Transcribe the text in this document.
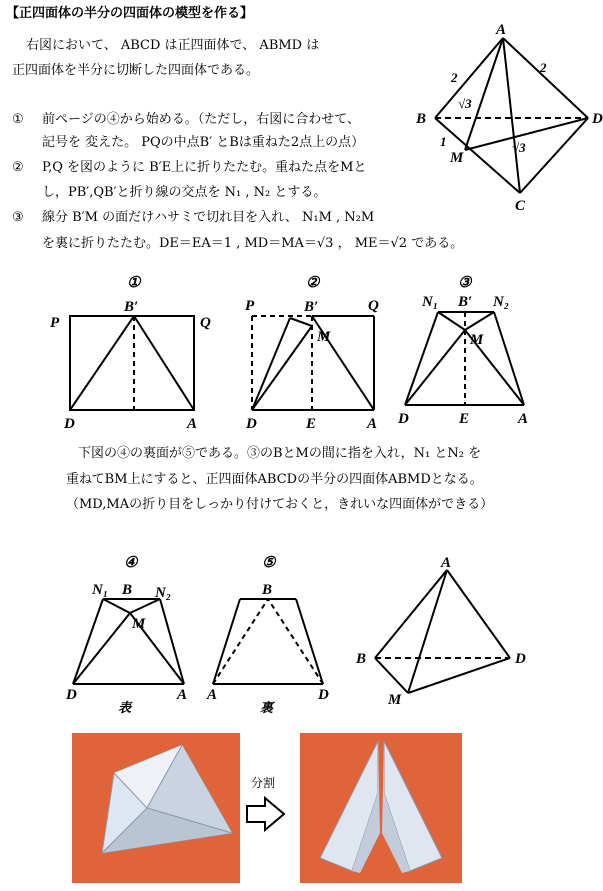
【正四面体の半分の四面体の模型を作る】
右図において、 ABCD は正四面体で、 ABMD は
正四面体を半分に切断した四面体である。
① 前ページの④から始める。（ただし，右図に合わせて、
記号を 変えた。 PQの中点B′ とBは重ねた2点上の点）
② P,Q を図のように B′E上に折りたたむ。重ねた点をMと
し，PB′,QB′と折り線の交点を N₁ , N₂ とする。
③ 線分 B′M の面だけハサミで切れ目を入れ、 N₁M , N₂M
を裏に折りたたむ。DE＝EA＝1 , MD＝MA＝√3 ， ME＝√2 である。
下図の④の裏面が⑤である。③のBとMの間に指を入れ，N₁ とN₂ を
重ねてBM上にすると、正四面体ABCDの半分の四面体ABMDとなる。
（MD,MAの折り目をしっかり付けておくと，きれいな四面体ができる）
A
B	D
C
M
2
2
1
√3
√3
①
P	Q
B′
D	A
②
P	Q
B′
M
D	E	A
③
N₁	N₂
B′
M
D	E	A
④
N₁	N₂
B
M
D	A
表
⑤
B
A	D
裏
A
B	D
M
分割
